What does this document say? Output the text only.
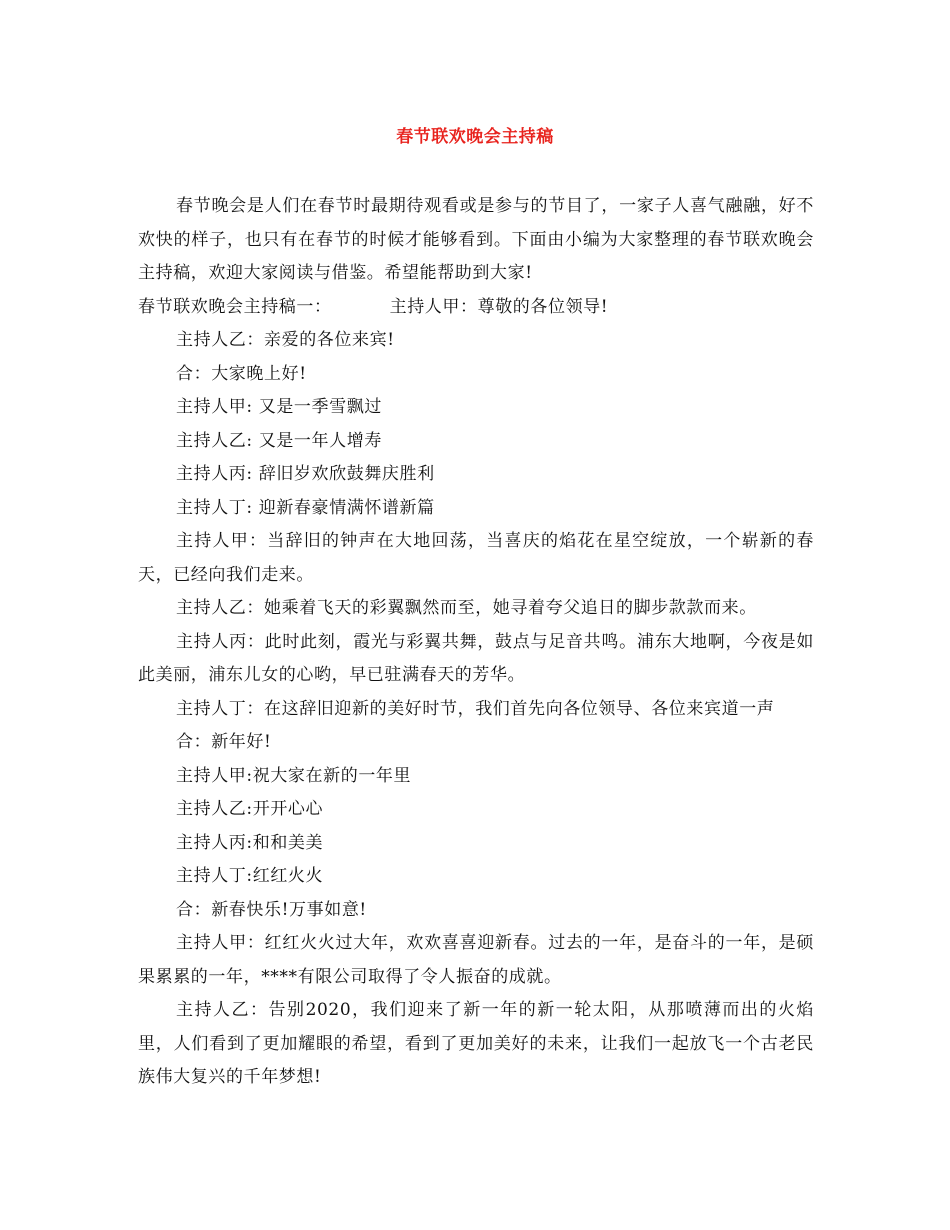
春节联欢晚会主持稿

春节晚会是人们在春节时最期待观看或是参与的节目了，一家子人喜气融融，好不欢快的样子，也只有在春节的时候才能够看到。下面由小编为大家整理的春节联欢晚会主持稿，欢迎大家阅读与借鉴。希望能帮助到大家!

春节联欢晚会主持稿一：	主持人甲：尊敬的各位领导!

主持人乙：亲爱的各位来宾!

合：大家晚上好!

主持人甲: 又是一季雪飘过

主持人乙: 又是一年人增寿

主持人丙: 辞旧岁欢欣鼓舞庆胜利

主持人丁: 迎新春豪情满怀谱新篇

主持人甲：当辞旧的钟声在大地回荡，当喜庆的焰花在星空绽放，一个崭新的春天，已经向我们走来。

主持人乙：她乘着飞天的彩翼飘然而至，她寻着夸父追日的脚步款款而来。

主持人丙：此时此刻，霞光与彩翼共舞，鼓点与足音共鸣。浦东大地啊，今夜是如此美丽，浦东儿女的心哟，早已驻满春天的芳华。

主持人丁：在这辞旧迎新的美好时节，我们首先向各位领导、各位来宾道一声

合：新年好!

主持人甲:祝大家在新的一年里

主持人乙:开开心心

主持人丙:和和美美

主持人丁:红红火火

合：新春快乐!万事如意!

主持人甲：红红火火过大年，欢欢喜喜迎新春。过去的一年，是奋斗的一年，是硕果累累的一年，****有限公司取得了令人振奋的成就。

主持人乙：告别2020，我们迎来了新一年的新一轮太阳，从那喷薄而出的火焰里，人们看到了更加耀眼的希望，看到了更加美好的未来，让我们一起放飞一个古老民族伟大复兴的千年梦想!
